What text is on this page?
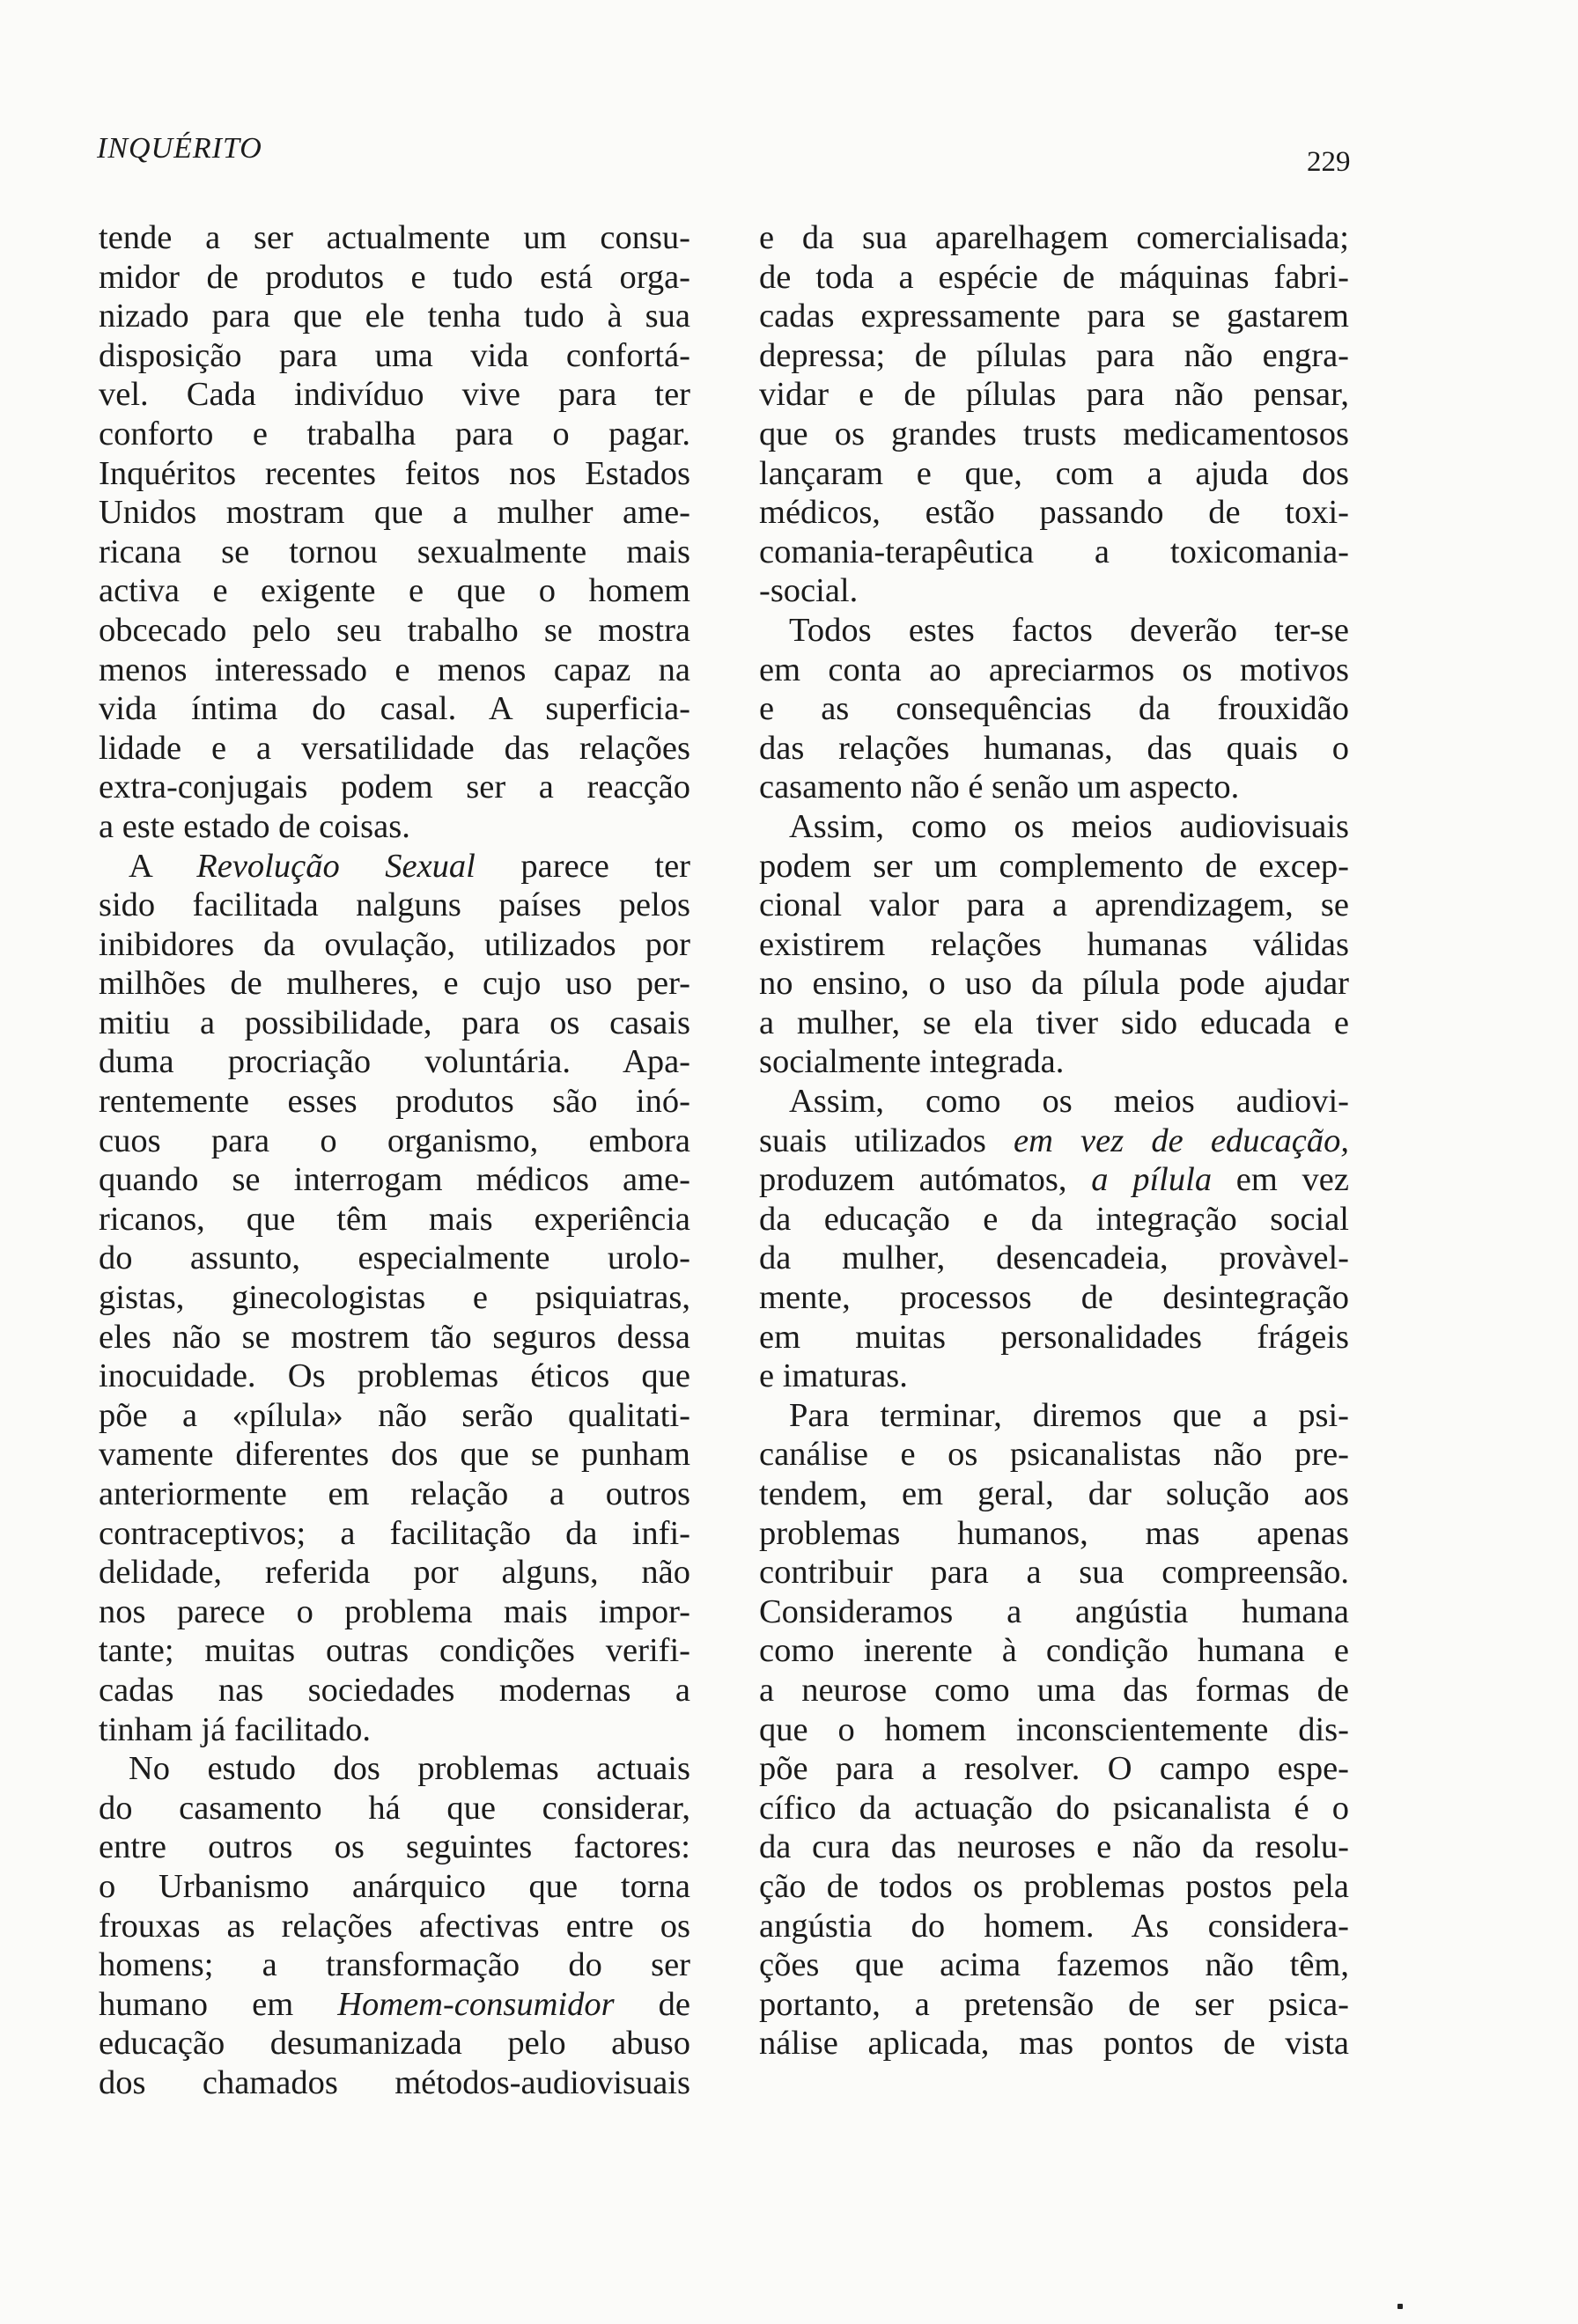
INQUÉRITO	229
tende a ser actualmente um consu-
midor de produtos e tudo está orga-
nizado para que ele tenha tudo à sua
disposição para uma vida confortá-
vel. Cada indivíduo vive para ter
conforto e trabalha para o pagar.
Inquéritos recentes feitos nos Estados
Unidos mostram que a mulher ame-
ricana se tornou sexualmente mais
activa e exigente e que o homem
obcecado pelo seu trabalho se mostra
menos interessado e menos capaz na
vida íntima do casal. A superficia-
lidade e a versatilidade das relações
extra-conjugais podem ser a reacção
a este estado de coisas.
A Revolução Sexual parece ter
sido facilitada nalguns países pelos
inibidores da ovulação, utilizados por
milhões de mulheres, e cujo uso per-
mitiu a possibilidade, para os casais
duma procriação voluntária. Apa-
rentemente esses produtos são inó-
cuos para o organismo, embora
quando se interrogam médicos ame-
ricanos, que têm mais experiência
do assunto, especialmente urolo-
gistas, ginecologistas e psiquiatras,
eles não se mostrem tão seguros dessa
inocuidade. Os problemas éticos que
põe a «pílula» não serão qualitati-
vamente diferentes dos que se punham
anteriormente em relação a outros
contraceptivos; a facilitação da infi-
delidade, referida por alguns, não
nos parece o problema mais impor-
tante; muitas outras condições verifi-
cadas nas sociedades modernas a
tinham já facilitado.
No estudo dos problemas actuais
do casamento há que considerar,
entre outros os seguintes factores:
o Urbanismo anárquico que torna
frouxas as relações afectivas entre os
homens; a transformação do ser
humano em Homem-consumidor de
educação desumanizada pelo abuso
dos chamados métodos-audiovisuais
e da sua aparelhagem comercialisada;
de toda a espécie de máquinas fabri-
cadas expressamente para se gastarem
depressa; de pílulas para não engra-
vidar e de pílulas para não pensar,
que os grandes trusts medicamentosos
lançaram e que, com a ajuda dos
médicos, estão passando de toxi-
comania-terapêutica a toxicomania-
-social.
Todos estes factos deverão ter-se
em conta ao apreciarmos os motivos
e as consequências da frouxidão
das relações humanas, das quais o
casamento não é senão um aspecto.
Assim, como os meios audiovisuais
podem ser um complemento de excep-
cional valor para a aprendizagem, se
existirem relações humanas válidas
no ensino, o uso da pílula pode ajudar
a mulher, se ela tiver sido educada e
socialmente integrada.
Assim, como os meios audiovi-
suais utilizados em vez de educação,
produzem autómatos, a pílula em vez
da educação e da integração social
da mulher, desencadeia, provàvel-
mente, processos de desintegração
em muitas personalidades frágeis
e imaturas.
Para terminar, diremos que a psi-
canálise e os psicanalistas não pre-
tendem, em geral, dar solução aos
problemas humanos, mas apenas
contribuir para a sua compreensão.
Consideramos a angústia humana
como inerente à condição humana e
a neurose como uma das formas de
que o homem inconscientemente dis-
põe para a resolver. O campo espe-
cífico da actuação do psicanalista é o
da cura das neuroses e não da resolu-
ção de todos os problemas postos pela
angústia do homem. As considera-
ções que acima fazemos não têm,
portanto, a pretensão de ser psica-
nálise aplicada, mas pontos de vista
